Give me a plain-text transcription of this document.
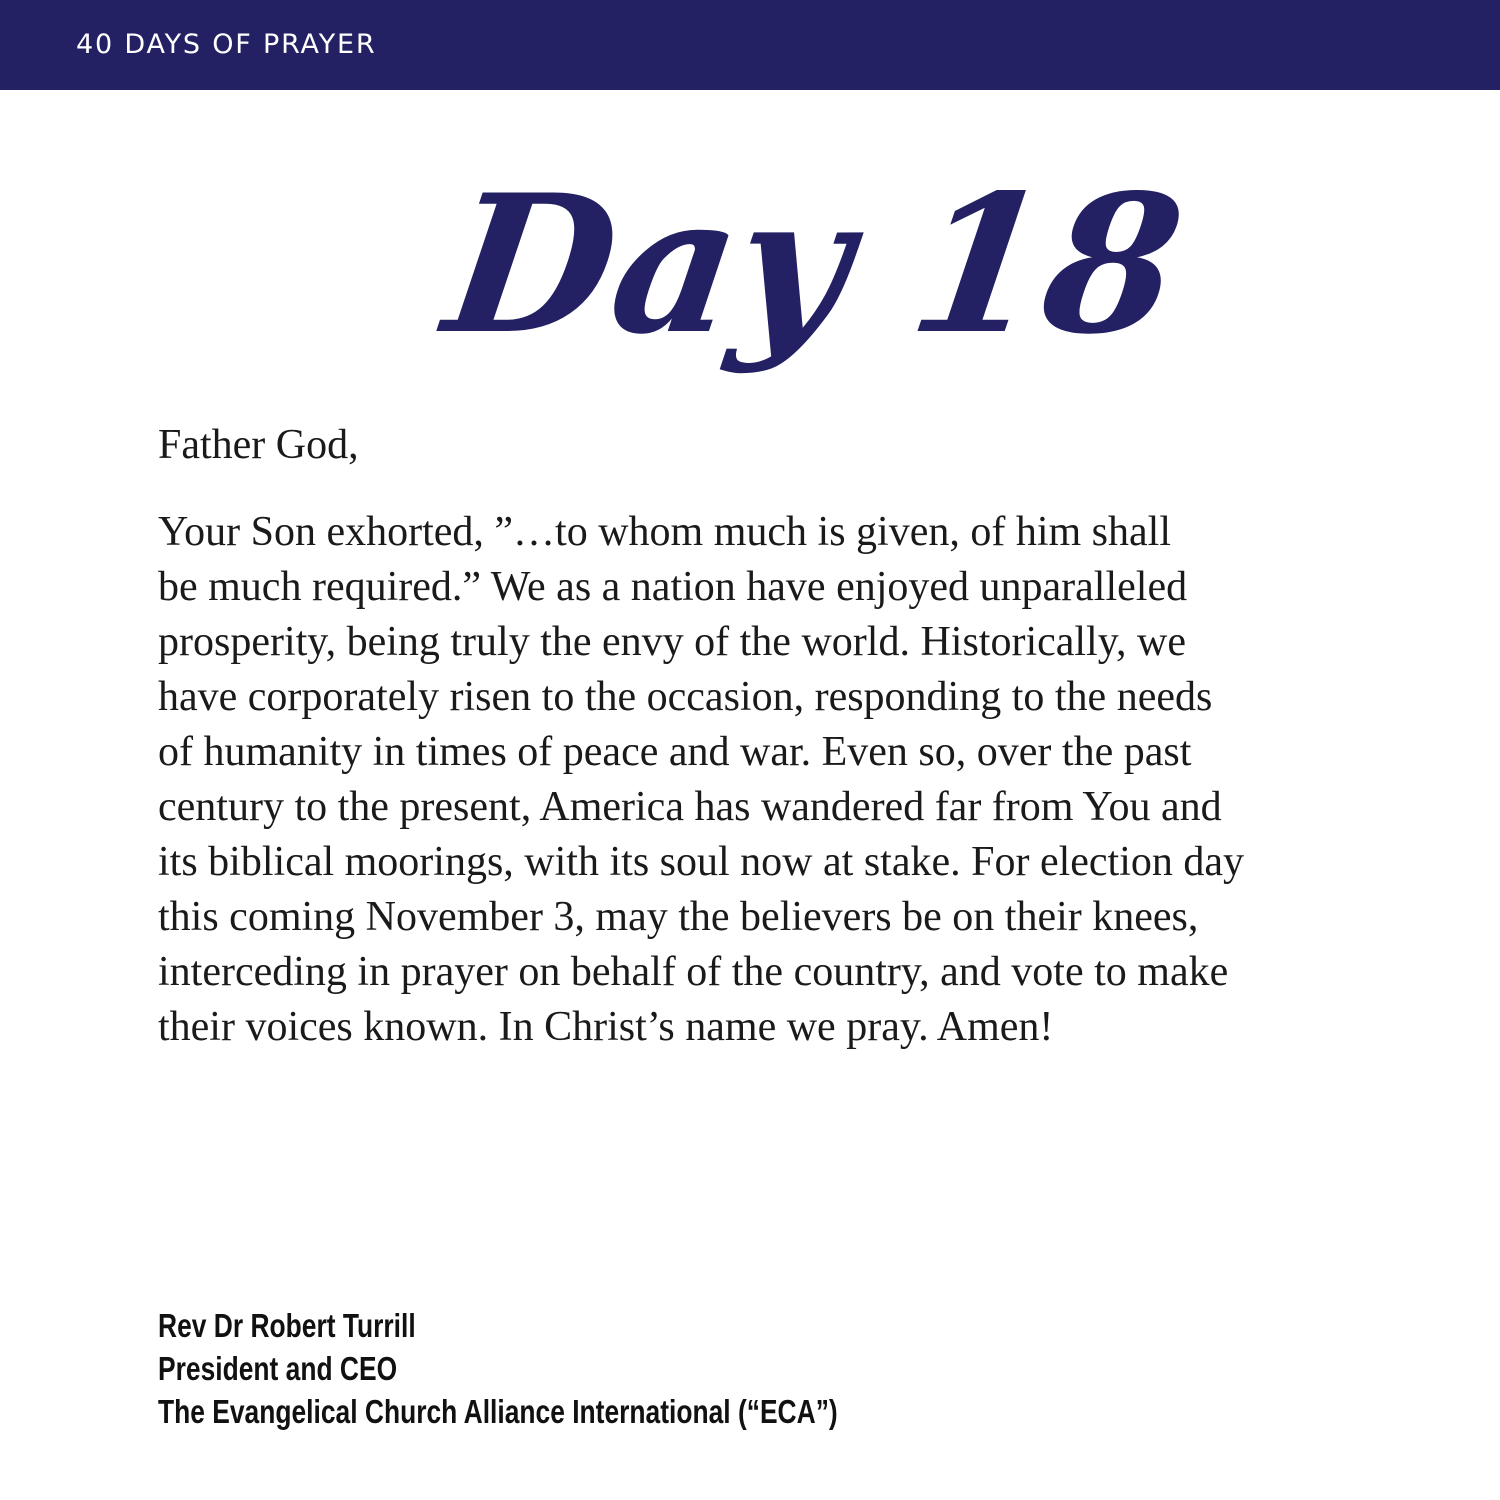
40 DAYS OF PRAYER
Day 18

Father God,

Your Son exhorted, ”…to whom much is given, of him shall
be much required.” We as a nation have enjoyed unparalleled
prosperity, being truly the envy of the world. Historically, we
have corporately risen to the occasion, responding to the needs
of humanity in times of peace and war. Even so, over the past
century to the present, America has wandered far from You and
its biblical moorings, with its soul now at stake. For election day
this coming November 3, may the believers be on their knees,
interceding in prayer on behalf of the country, and vote to make
their voices known. In Christ’s name we pray. Amen!

Rev Dr Robert Turrill
President and CEO
The Evangelical Church Alliance International (“ECA”)
